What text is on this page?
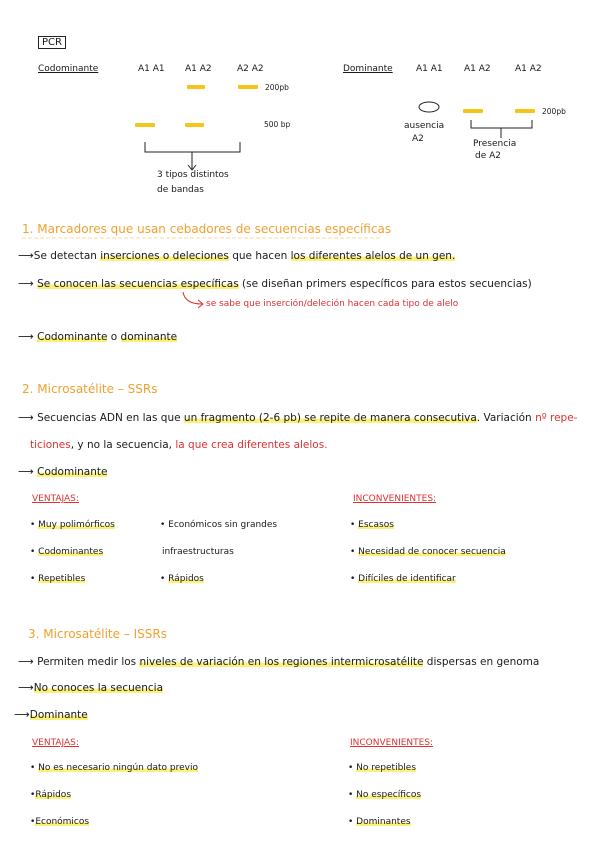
PCR
Codominante	A1 A1 A1 A2	A2 A2
200pb
500 bp
3 tipos distintos
de bandas
Dominante	A1 A1 A1 A2	A1 A2
200pb
ausencia
A2	Presencia
de A2
1. Marcadores que usan cebadores de secuencias específicas
⟶Se detectan inserciones o deleciones que hacen los diferentes alelos de un gen.
⟶ Se conocen las secuencias específicas (se diseñan primers específicos para estos secuencias)
se sabe que inserción/deleción hacen cada tipo de alelo
⟶ Codominante o dominante
2. Microsatélite – SSRs
⟶ Secuencias ADN en las que un fragmento (2-6 pb) se repite de manera consecutiva. Variación nº repe-
ticiones, y no la secuencia, la que crea diferentes alelos.
⟶ Codominante
VENTAJAS:	INCONVENIENTES:
• Muy polimórficos
• Codominantes
• Repetibles
• Económicos sin grandes
infraestructuras
• Rápidos
• Escasos
• Necesidad de conocer secuencia
• Difíciles de identificar
3. Microsatélite – ISSRs
⟶ Permiten medir los niveles de variación en los regiones intermicrosatélite dispersas en genoma
⟶No conoces la secuencia
⟶Dominante
VENTAJAS:	INCONVENIENTES:
• No es necesario ningún dato previo
•Rápidos
•Económicos
• No repetibles
• No específicos
• Dominantes
